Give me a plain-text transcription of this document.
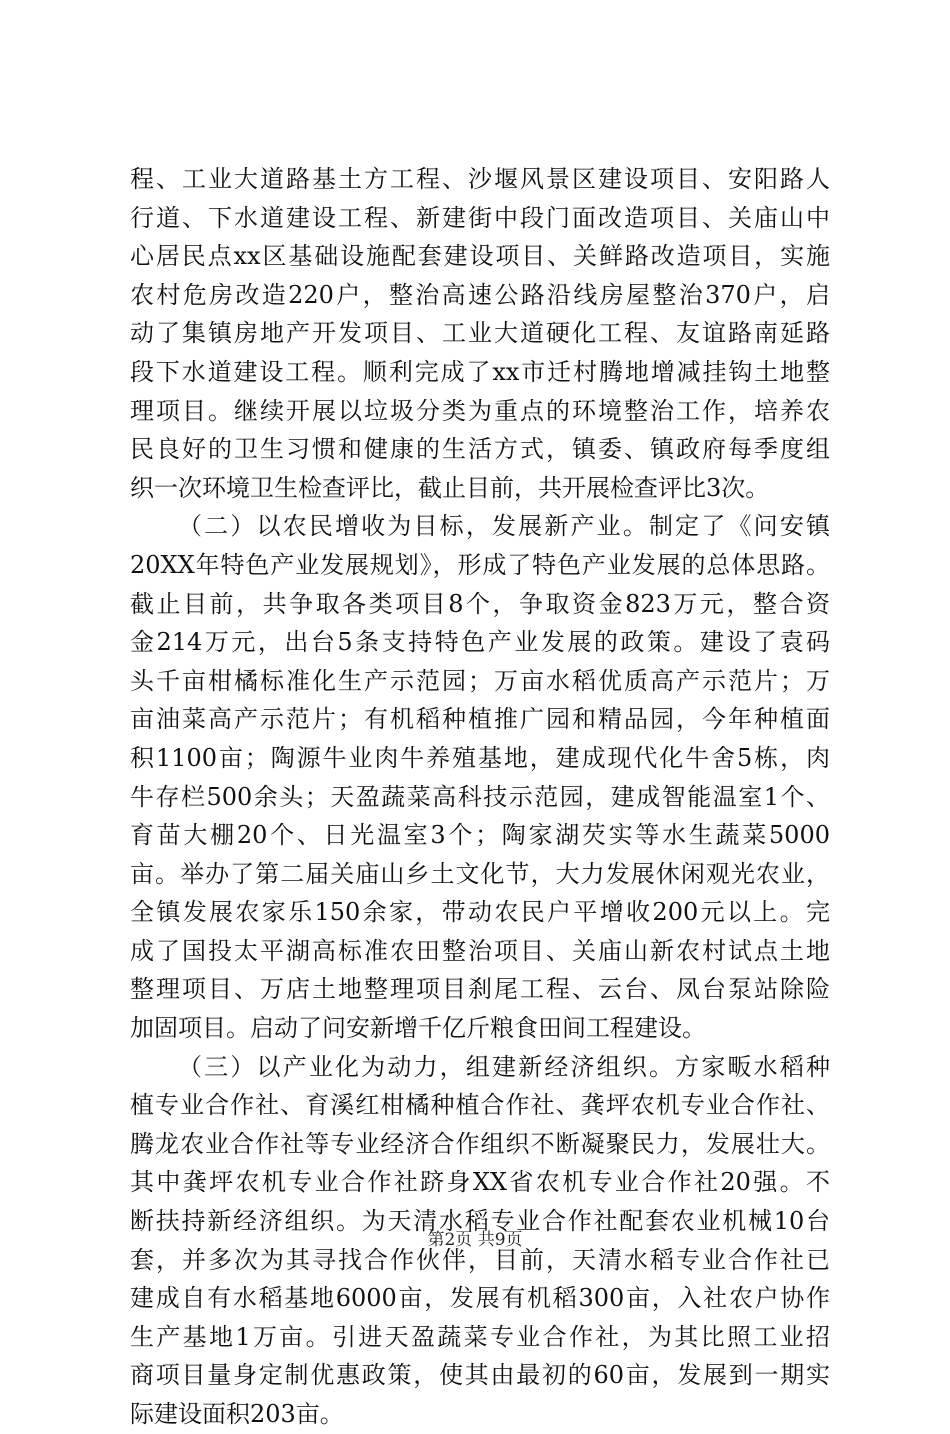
程、工业大道路基土方工程、沙堰风景区建设项目、安阳路人
行道、下水道建设工程、新建街中段门面改造项目、关庙山中
心居民点xx区基础设施配套建设项目、关鲜路改造项目，实施
农村危房改造220户，整治高速公路沿线房屋整治370户，启
动了集镇房地产开发项目、工业大道硬化工程、友谊路南延路
段下水道建设工程。顺利完成了xx市迁村腾地增减挂钩土地整
理项目。继续开展以垃圾分类为重点的环境整治工作，培养农
民良好的卫生习惯和健康的生活方式，镇委、镇政府每季度组
织一次环境卫生检查评比，截止目前，共开展检查评比3次。
（二）以农民增收为目标，发展新产业。制定了《问安镇
20XX年特色产业发展规划》，形成了特色产业发展的总体思路。
截止目前，共争取各类项目8个，争取资金823万元，整合资
金214万元，出台5条支持特色产业发展的政策。建设了袁码
头千亩柑橘标准化生产示范园；万亩水稻优质高产示范片；万
亩油菜高产示范片；有机稻种植推广园和精品园，今年种植面
积1100亩；陶源牛业肉牛养殖基地，建成现代化牛舍5栋，肉
牛存栏500余头；天盈蔬菜高科技示范园，建成智能温室1个、
育苗大棚20个、日光温室3个；陶家湖芡实等水生蔬菜5000
亩。举办了第二届关庙山乡土文化节，大力发展休闲观光农业，
全镇发展农家乐150余家，带动农民户平增收200元以上。完
成了国投太平湖高标准农田整治项目、关庙山新农村试点土地
整理项目、万店土地整理项目刹尾工程、云台、凤台泵站除险
加固项目。启动了问安新增千亿斤粮食田间工程建设。
（三）以产业化为动力，组建新经济组织。方家畈水稻种
植专业合作社、育溪红柑橘种植合作社、龚坪农机专业合作社、
腾龙农业合作社等专业经济合作组织不断凝聚民力，发展壮大。
其中龚坪农机专业合作社跻身XX省农机专业合作社20强。不
断扶持新经济组织。为天清水稻专业合作社配套农业机械10台
套，并多次为其寻找合作伙伴，目前，天清水稻专业合作社已
建成自有水稻基地6000亩，发展有机稻300亩，入社农户协作
生产基地1万亩。引进天盈蔬菜专业合作社，为其比照工业招
商项目量身定制优惠政策，使其由最初的60亩，发展到一期实
际建设面积203亩。
第2页 共9页
